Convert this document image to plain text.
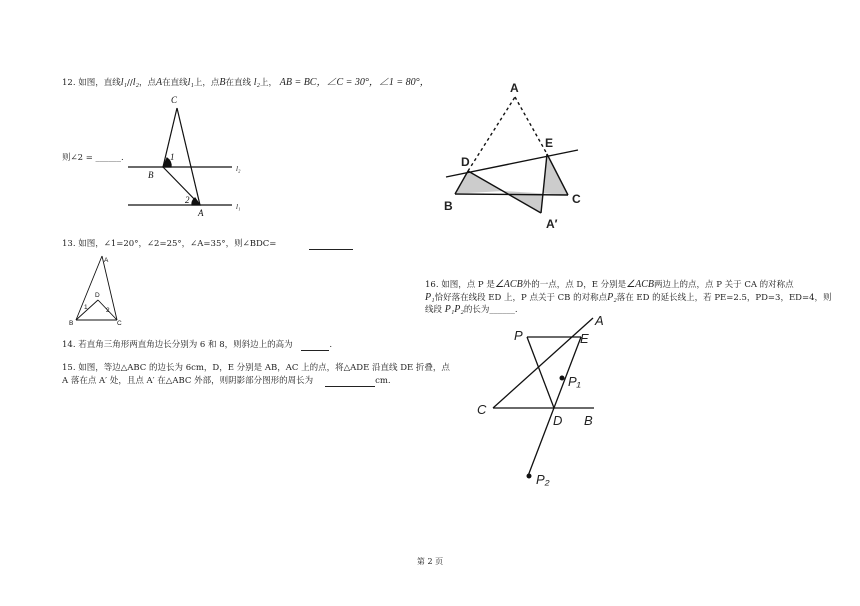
12. 如图，直线l₁//l₂，点A在直线l₁上，点B在直线 l₂上， AB = BC，∠C = 30°，∠1 = 80°，
则∠2 = ______.
13. 如图，∠1=20°，∠2=25°，∠A=35°，则∠BDC=
14. 若直角三角形两直角边长分别为 6 和 8，则斜边上的高为	.
15. 如图，等边△ABC 的边长为 6cm，D，E 分别是 AB，AC 上的点，将△ADE 沿直线 DE 折叠，点
A 落在点 A′ 处，且点 A′ 在△ABC 外部，则阴影部分图形的周长为	cm.
16. 如图，点 P 是∠ACB外的一点，点 D，E 分别是∠ACB两边上的点，点 P 关于 CA 的对称点
P₁恰好落在线段 ED 上，P 点关于 CB 的对称点P₂落在 ED 的延长线上，若 PE=2.5，PD=3，ED=4，则
线段 P₁P₂的长为______.
第 2 页
C
1
B
2
A
l₂
l₁
A
D
1	2
B	C
A
D
E
B	C
A′
A
P	E
P₁
C
D B
P₂
